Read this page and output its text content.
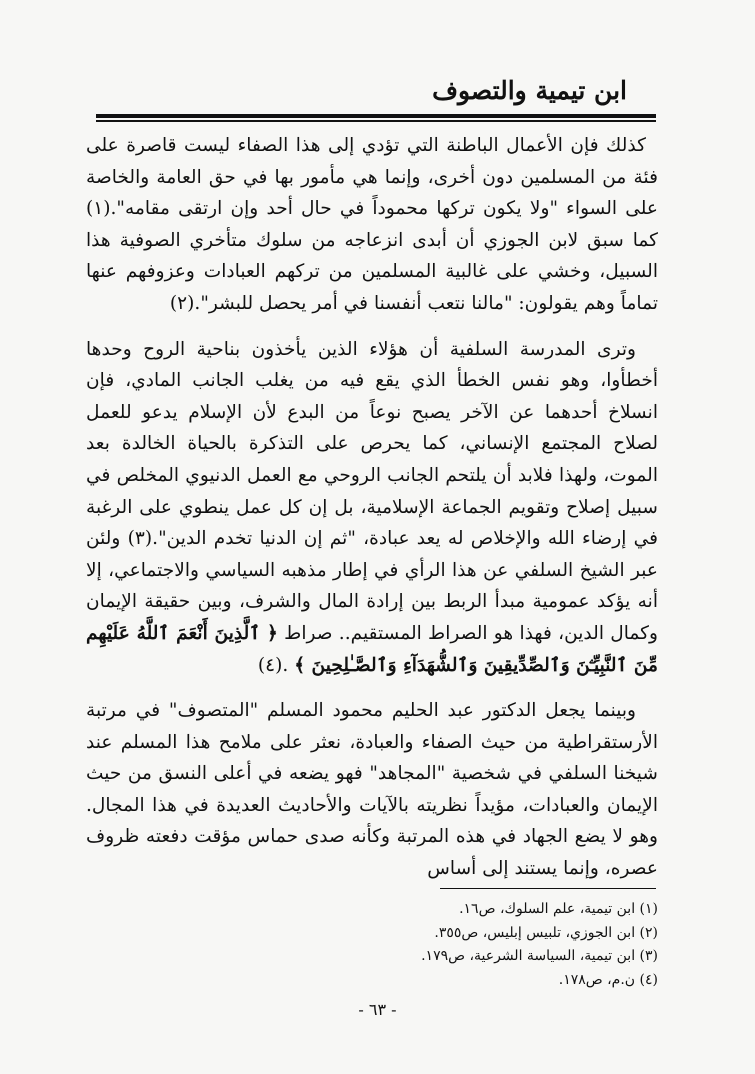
ابن تيمية والتصوف

كذلك فإن الأعمال الباطنة التي تؤدي إلى هذا الصفاء ليست قاصرة على فئة من المسلمين دون أخرى، وإنما هي مأمور بها في حق العامة والخاصة على السواء "ولا يكون تركها محموداً في حال أحد وإن ارتقى مقامه".(١) كما سبق لابن الجوزي أن أبدى انزعاجه من سلوك متأخري الصوفية هذا السبيل، وخشي على غالبية المسلمين من تركهم العبادات وعزوفهم عنها تماماً وهم يقولون: "مالنا نتعب أنفسنا في أمر يحصل للبشر".(٢)

وترى المدرسة السلفية أن هؤلاء الذين يأخذون بناحية الروح وحدها أخطأوا، وهو نفس الخطأ الذي يقع فيه من يغلب الجانب المادي، فإن انسلاخ أحدهما عن الآخر يصبح نوعاً من البدع لأن الإسلام يدعو للعمل لصلاح المجتمع الإنساني، كما يحرص على التذكرة بالحياة الخالدة بعد الموت، ولهذا فلابد أن يلتحم الجانب الروحي مع العمل الدنيوي المخلص في سبيل إصلاح وتقويم الجماعة الإسلامية، بل إن كل عمل ينطوي على الرغبة في إرضاء الله والإخلاص له يعد عبادة، "ثم إن الدنيا تخدم الدين".(٣) ولئن عبر الشيخ السلفي عن هذا الرأي في إطار مذهبه السياسي والاجتماعي، إلا أنه يؤكد عمومية مبدأ الربط بين إرادة المال والشرف، وبين حقيقة الإيمان وكمال الدين، فهذا هو الصراط المستقيم.. صراط ﴿ ٱلَّذِينَ أَنْعَمَ ٱللَّهُ عَلَيْهِم مِّنَ ٱلنَّبِيِّـۧنَ وَٱلصِّدِّيقِينَ وَٱلشُّهَدَآءِ وَٱلصَّـٰلِحِينَ ﴾ .(٤)

وبينما يجعل الدكتور عبد الحليم محمود المسلم "المتصوف" في مرتبة الأرستقراطية من حيث الصفاء والعبادة، نعثر على ملامح هذا المسلم عند شيخنا السلفي في شخصية "المجاهد" فهو يضعه في أعلى النسق من حيث الإيمان والعبادات، مؤيداً نظريته بالآيات والأحاديث العديدة في هذا المجال. وهو لا يضع الجهاد في هذه المرتبة وكأنه صدى حماس مؤقت دفعته ظروف عصره، وإنما يستند إلى أساس

(١) ابن تيمية، علم السلوك، ص١٦.

(٢) ابن الجوزي، تلبيس إبليس، ص٣٥٥.

(٣) ابن تيمية، السياسة الشرعية، ص١٧٩.

(٤) ن.م، ص١٧٨.

- ٦٣ -
